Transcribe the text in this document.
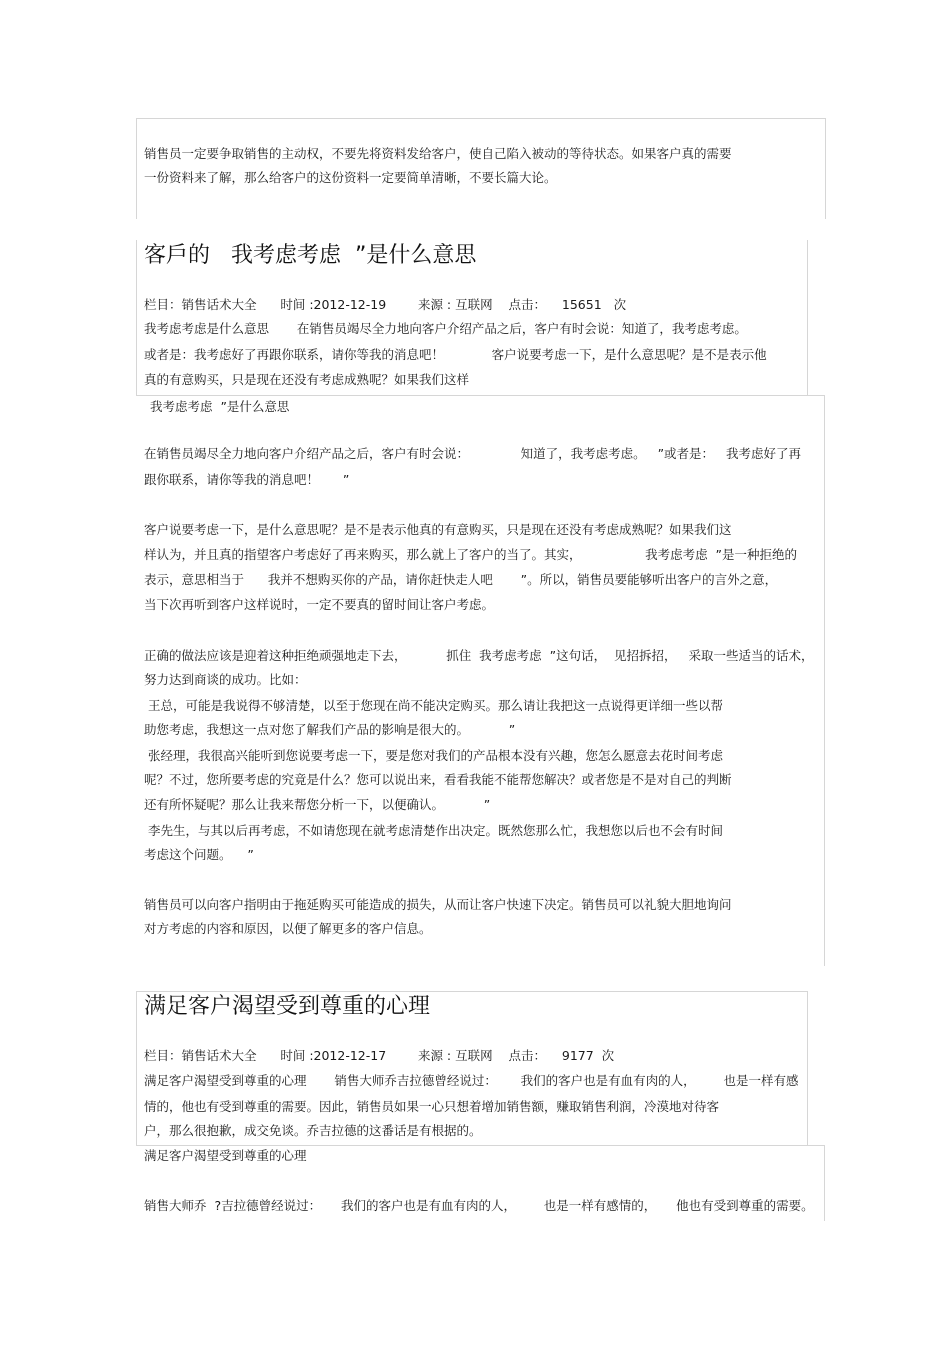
销售员一定要争取销售的主动权，不要先将资料发给客户，使自己陷入被动的等待状态。如果客户真的需要
一份资料来了解，那么给客户的这份资料一定要简单清晰，不要长篇大论。
客戶的   我考虑考虑  ”是什么意思
栏目：销售话术大全      时间 :2012-12-19        来源 : 互联网    点击：    15651   次
我考虑考虑是什么意思       在销售员竭尽全力地向客户介绍产品之后，客户有时会说：知道了，我考虑考虑。
或者是：我考虑好了再跟你联系，请你等我的消息吧！            客户说要考虑一下，是什么意思呢？是不是表示他
真的有意购买，只是现在还没有考虑成熟呢？如果我们这样
我考虑考虑  ”是什么意思
在销售员竭尽全力地向客户介绍产品之后，客户有时会说：             知道了，我考虑考虑。   ”或者是：   我考虑好了再
跟你联系，请你等我的消息吧！      ”
客户说要考虑一下，是什么意思呢？是不是表示他真的有意购买，只是现在还没有考虑成熟呢？如果我们这
样认为，并且真的指望客户考虑好了再来购买，那么就上了客户的当了。其实，                我考虑考虑  ”是一种拒绝的
表示，意思相当于      我并不想购买你的产品，请你赶快走人吧       ”。所以，销售员要能够听出客户的言外之意，
当下次再听到客户这样说时，一定不要真的留时间让客户考虑。
正确的做法应该是迎着这种拒绝顽强地走下去，          抓住  我考虑考虑  ”这句话，  见招拆招，   采取一些适当的话术，
努力达到商谈的成功。比如：
王总，可能是我说得不够清楚，以至于您现在尚不能决定购买。那么请让我把这一点说得更详细一些以帮
助您考虑，我想这一点对您了解我们产品的影响是很大的。          ”
张经理，我很高兴能听到您说要考虑一下，要是您对我们的产品根本没有兴趣，您怎么愿意去花时间考虑
呢？不过，您所要考虑的究竟是什么？您可以说出来，看看我能不能帮您解决？或者您是不是对自己的判断
还有所怀疑呢？那么让我来帮您分析一下，以便确认。          ”
李先生，与其以后再考虑，不如请您现在就考虑清楚作出决定。既然您那么忙，我想您以后也不会有时间
考虑这个问题。    ”
销售员可以向客户指明由于拖延购买可能造成的损失，从而让客户快速下决定。销售员可以礼貌大胆地询问
对方考虑的内容和原因，以便了解更多的客户信息。
满足客户渴望受到尊重的心理
栏目：销售话术大全      时间 :2012-12-17        来源 : 互联网    点击：    9177  次
满足客户渴望受到尊重的心理       销售大师乔吉拉德曾经说过：      我们的客户也是有血有肉的人，       也是一样有感
情的，他也有受到尊重的需要。因此，销售员如果一心只想着增加销售额，赚取销售利润，冷漠地对待客
户，那么很抱歉，成交免谈。乔吉拉德的这番话是有根据的。
满足客户渴望受到尊重的心理
销售大师乔  ?吉拉德曾经说过：     我们的客户也是有血有肉的人，       也是一样有感情的，     他也有受到尊重的需要。
